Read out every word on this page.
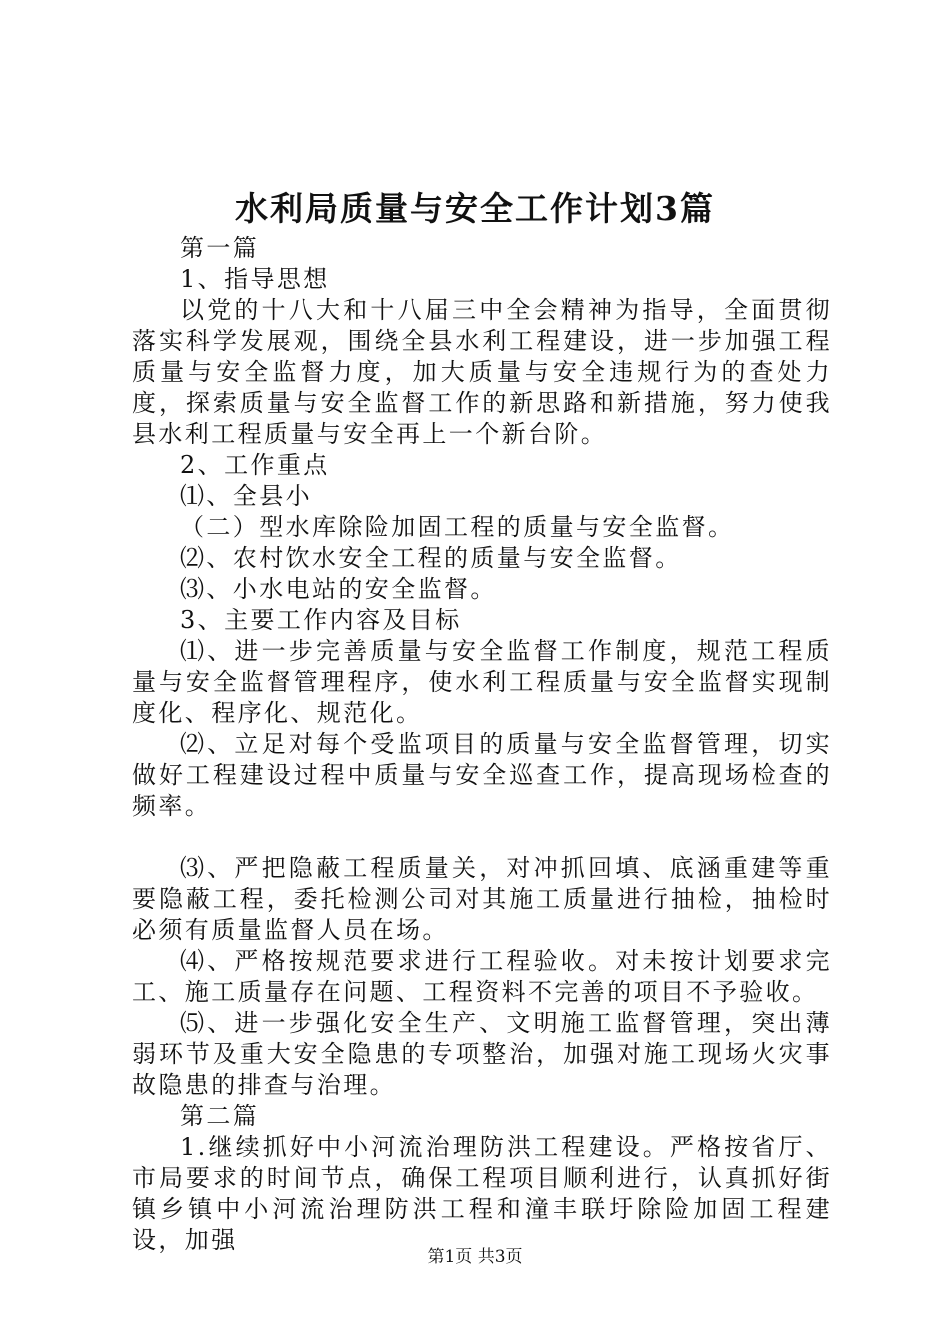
水利局质量与安全工作计划3篇

第一篇

1、指导思想

以党的十八大和十八届三中全会精神为指导，全面贯彻落实科学发展观，围绕全县水利工程建设，进一步加强工程质量与安全监督力度，加大质量与安全违规行为的查处力度，探索质量与安全监督工作的新思路和新措施，努力使我县水利工程质量与安全再上一个新台阶。

2、工作重点

⑴、全县小

（二）型水库除险加固工程的质量与安全监督。

⑵、农村饮水安全工程的质量与安全监督。

⑶、小水电站的安全监督。

3、主要工作内容及目标

⑴、进一步完善质量与安全监督工作制度，规范工程质量与安全监督管理程序，使水利工程质量与安全监督实现制度化、程序化、规范化。

⑵、立足对每个受监项目的质量与安全监督管理，切实做好工程建设过程中质量与安全巡查工作，提高现场检查的频率。

⑶、严把隐蔽工程质量关，对冲抓回填、底涵重建等重要隐蔽工程，委托检测公司对其施工质量进行抽检，抽检时必须有质量监督人员在场。

⑷、严格按规范要求进行工程验收。对未按计划要求完工、施工质量存在问题、工程资料不完善的项目不予验收。

⑸、进一步强化安全生产、文明施工监督管理，突出薄弱环节及重大安全隐患的专项整治，加强对施工现场火灾事故隐患的排查与治理。

第二篇

1.继续抓好中小河流治理防洪工程建设。严格按省厅、市局要求的时间节点，确保工程项目顺利进行，认真抓好街镇乡镇中小河流治理防洪工程和潼丰联圩除险加固工程建设，加强

第1页 共3页
